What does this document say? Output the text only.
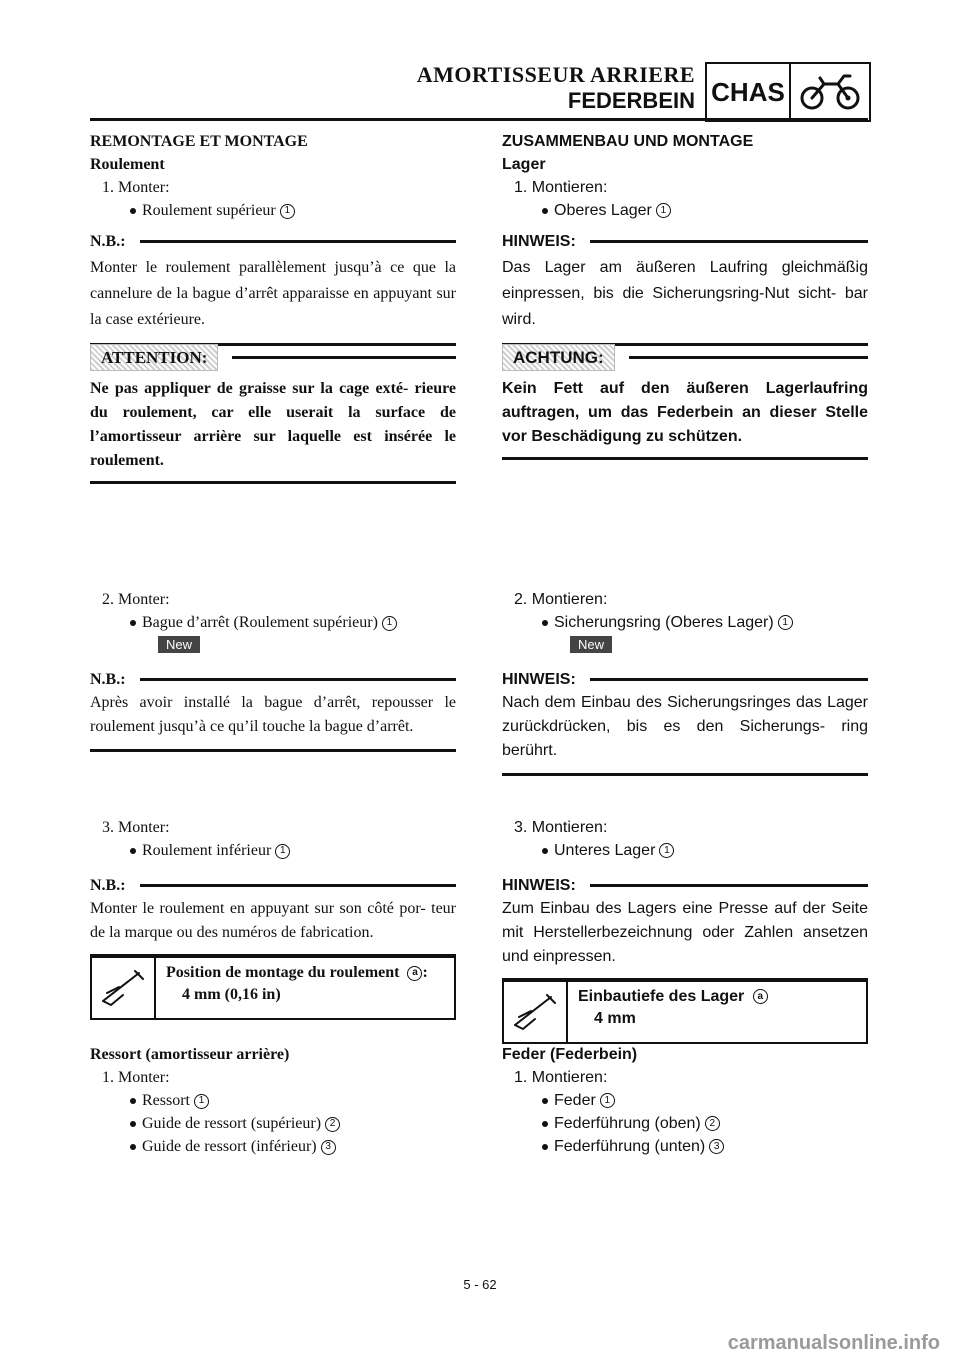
AMORTISSEUR ARRIERE
FEDERBEIN CHAS
REMONTAGE ET MONTAGE
Roulement
1. Monter:
Roulement supérieur 1
N.B.:
Monter le roulement parallèlement jusqu’à ce que la cannelure de la bague d’arrêt apparaisse en appuyant sur la case extérieure.
ATTENTION:
Ne pas appliquer de graisse sur la cage exté- rieure du roulement, car elle userait la surface de l’amortisseur arrière sur laquelle est insérée le roulement.
2. Monter:
Bague d’arrêt (Roulement supérieur) 1
New
N.B.:
Après avoir installé la bague d’arrêt, repousser le roulement jusqu’à ce qu’il touche la bague d’arrêt.
3. Monter:
Roulement inférieur 1
N.B.:
Monter le roulement en appuyant sur son côté por- teur de la marque ou des numéros de fabrication.
Position de montage du roulement a :
4 mm (0,16 in)
Ressort (amortisseur arrière)
1. Monter:
Ressort 1
Guide de ressort (supérieur) 2
Guide de ressort (inférieur) 3
ZUSAMMENBAU UND MONTAGE
Lager
1. Montieren:
Oberes Lager 1
HINWEIS:
Das Lager am äußeren Laufring gleichmäßig einpressen, bis die Sicherungsring-Nut sicht- bar wird.
ACHTUNG:
Kein Fett auf den äußeren Lagerlaufring auftragen, um das Federbein an dieser Stelle vor Beschädigung zu schützen.
2. Montieren:
Sicherungsring (Oberes Lager) 1
New
HINWEIS:
Nach dem Einbau des Sicherungsringes das Lager zurückdrücken, bis es den Sicherungs- ring berührt.
3. Montieren:
Unteres Lager 1
HINWEIS:
Zum Einbau des Lagers eine Presse auf der Seite mit Herstellerbezeichnung oder Zahlen ansetzen und einpressen.
Einbautiefe des Lager a
4 mm
Feder (Federbein)
1. Montieren:
Feder 1
Federführung (oben) 2
Federführung (unten) 3
5 - 62
carmanualsonline.info
